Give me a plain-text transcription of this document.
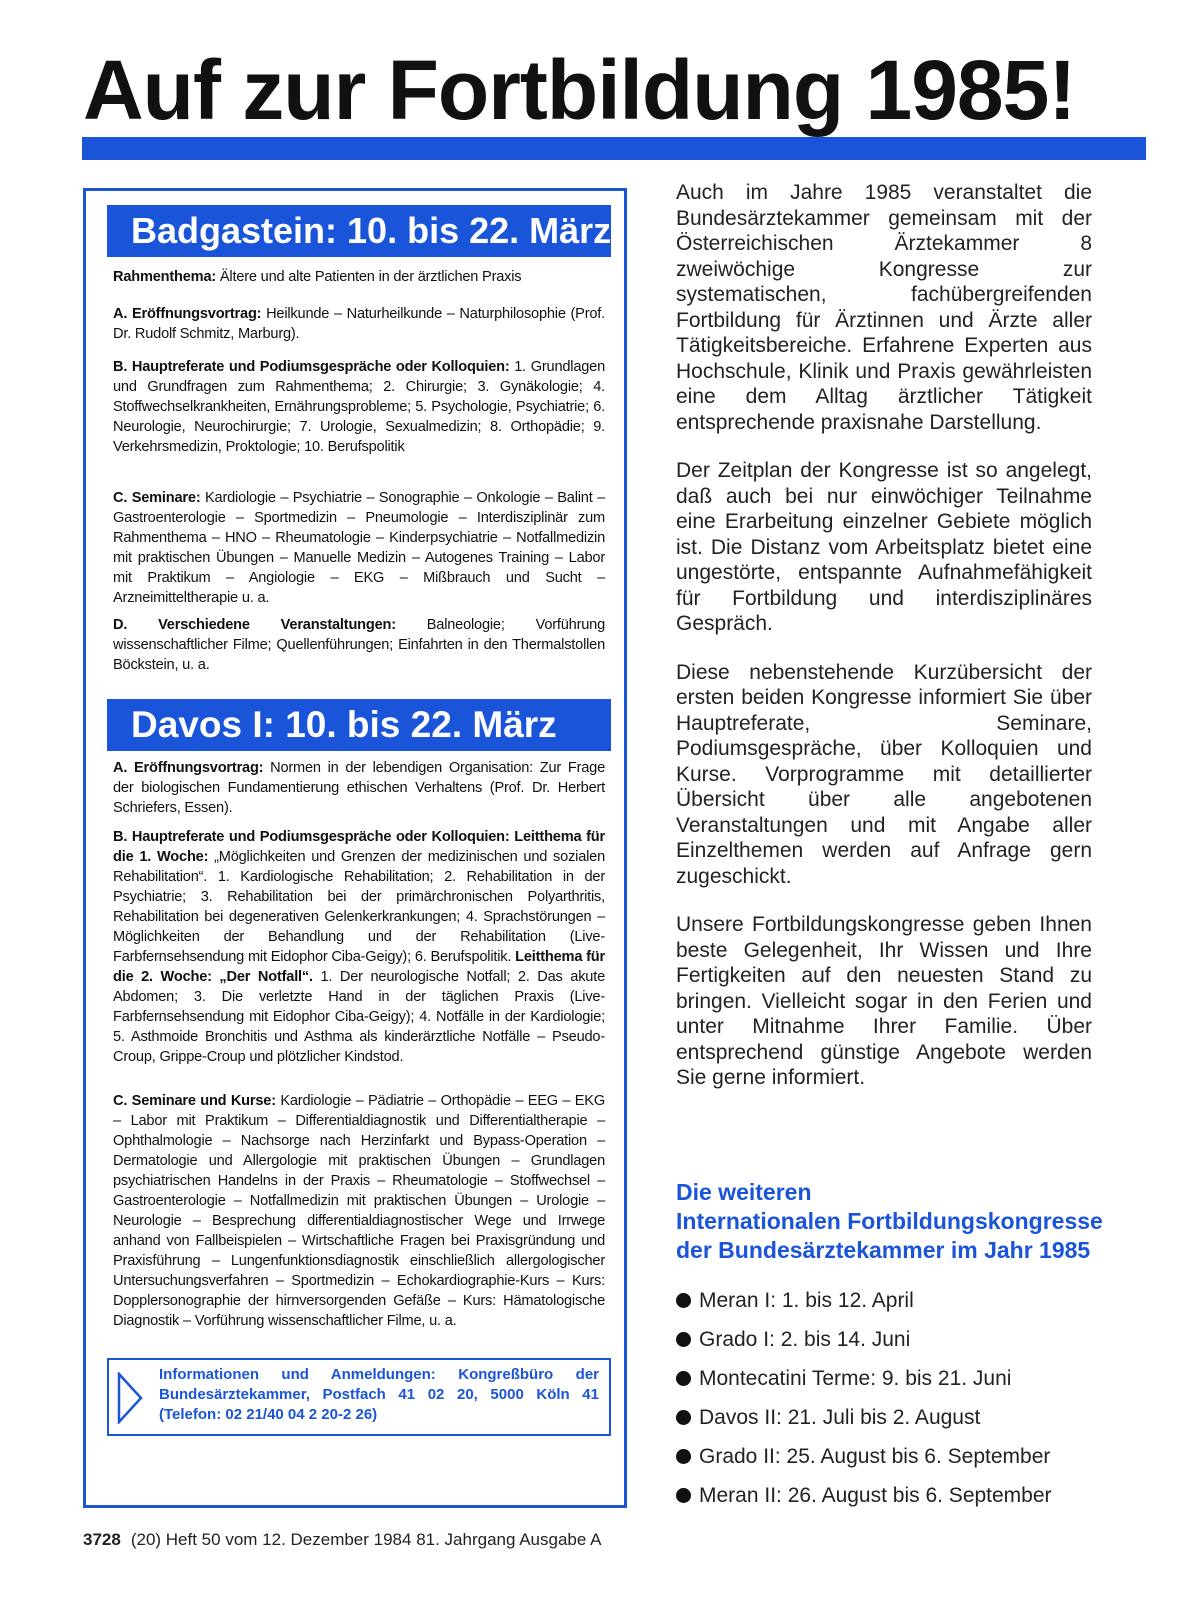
Auf zur Fortbildung 1985!
Badgastein: 10. bis 22. März
Rahmenthema: Ältere und alte Patienten in der ärztlichen Praxis
A. Eröffnungsvortrag: Heilkunde – Naturheilkunde – Naturphilosophie (Prof. Dr. Rudolf Schmitz, Marburg).
B. Hauptreferate und Podiumsgespräche oder Kolloquien: 1. Grundlagen und Grundfragen zum Rahmenthema; 2. Chirurgie; 3. Gynäkologie; 4. Stoffwechselkrankheiten, Ernährungsprobleme; 5. Psychologie, Psychiatrie; 6. Neurologie, Neurochirurgie; 7. Urologie, Sexualmedizin; 8. Orthopädie; 9. Verkehrsmedizin, Proktologie; 10. Berufspolitik
C. Seminare: Kardiologie – Psychiatrie – Sonographie – Onkologie – Balint – Gastroenterologie – Sportmedizin – Pneumologie – Interdisziplinär zum Rahmenthema – HNO – Rheumatologie – Kinderpsychiatrie – Notfallmedizin mit praktischen Übungen – Manuelle Medizin – Autogenes Training – Labor mit Praktikum – Angiologie – EKG – Mißbrauch und Sucht – Arzneimitteltherapie u. a.
D. Verschiedene Veranstaltungen: Balneologie; Vorführung wissenschaftlicher Filme; Quellenführungen; Einfahrten in den Thermalstollen Böckstein, u. a.
Davos I: 10. bis 22. März
A. Eröffnungsvortrag: Normen in der lebendigen Organisation: Zur Frage der biologischen Fundamentierung ethischen Verhaltens (Prof. Dr. Herbert Schriefers, Essen).
B. Hauptreferate und Podiumsgespräche oder Kolloquien: Leitthema für die 1. Woche: „Möglichkeiten und Grenzen der medizinischen und sozialen Rehabilitation“. 1. Kardiologische Rehabilitation; 2. Rehabilitation in der Psychiatrie; 3. Rehabilitation bei der primärchronischen Polyarthritis, Rehabilitation bei degenerativen Gelenkerkrankungen; 4. Sprachstörungen – Möglichkeiten der Behandlung und der Rehabilitation (Live-Farbfernsehsendung mit Eidophor Ciba-Geigy); 6. Berufspolitik. Leitthema für die 2. Woche: „Der Notfall“. 1. Der neurologische Notfall; 2. Das akute Abdomen; 3. Die verletzte Hand in der täglichen Praxis (Live-Farbfernsehsendung mit Eidophor Ciba-Geigy); 4. Notfälle in der Kardiologie; 5. Asthmoide Bronchitis und Asthma als kinderärztliche Notfälle – Pseudo-Croup, Grippe-Croup und plötzlicher Kindstod.
C. Seminare und Kurse: Kardiologie – Pädiatrie – Orthopädie – EEG – EKG – Labor mit Praktikum – Differentialdiagnostik und Differentialtherapie – Ophthalmologie – Nachsorge nach Herzinfarkt und Bypass-Operation – Dermatologie und Allergologie mit praktischen Übungen – Grundlagen psychiatrischen Handelns in der Praxis – Rheumatologie – Stoffwechsel – Gastroenterologie – Notfallmedizin mit praktischen Übungen – Urologie – Neurologie – Besprechung differentialdiagnostischer Wege und Irrwege anhand von Fallbeispielen – Wirtschaftliche Fragen bei Praxisgründung und Praxisführung – Lungenfunktionsdiagnostik einschließlich allergologischer Untersuchungsverfahren – Sportmedizin – Echokardiographie-Kurs – Kurs: Dopplersonographie der hirnversorgenden Gefäße – Kurs: Hämatologische Diagnostik – Vorführung wissenschaftlicher Filme, u. a.
Informationen und Anmeldungen: Kongreßbüro der Bundesärztekammer, Postfach 41 02 20, 5000 Köln 41 (Telefon: 02 21/40 04 2 20-2 26)

Auch im Jahre 1985 veranstaltet die Bundesärztekammer gemeinsam mit der Österreichischen Ärztekammer 8 zweiwöchige Kongresse zur systematischen, fachübergreifenden Fortbildung für Ärztinnen und Ärzte aller Tätigkeitsbereiche. Erfahrene Experten aus Hochschule, Klinik und Praxis gewährleisten eine dem Alltag ärztlicher Tätigkeit entsprechende praxisnahe Darstellung.

Der Zeitplan der Kongresse ist so angelegt, daß auch bei nur einwöchiger Teilnahme eine Erarbeitung einzelner Gebiete möglich ist. Die Distanz vom Arbeitsplatz bietet eine ungestörte, entspannte Aufnahmefähigkeit für Fortbildung und interdisziplinäres Gespräch.

Diese nebenstehende Kurzübersicht der ersten beiden Kongresse informiert Sie über Hauptreferate, Seminare, Podiumsgespräche, über Kolloquien und Kurse. Vorprogramme mit detaillierter Übersicht über alle angebotenen Veranstaltungen und mit Angabe aller Einzelthemen werden auf Anfrage gern zugeschickt.

Unsere Fortbildungskongresse geben Ihnen beste Gelegenheit, Ihr Wissen und Ihre Fertigkeiten auf den neuesten Stand zu bringen. Vielleicht sogar in den Ferien und unter Mitnahme Ihrer Familie. Über entsprechend günstige Angebote werden Sie gerne informiert.

Die weiteren
Internationalen Fortbildungskongresse
der Bundesärztekammer im Jahr 1985
Meran I: 1. bis 12. April
Grado I: 2. bis 14. Juni
Montecatini Terme: 9. bis 21. Juni
Davos II: 21. Juli bis 2. August
Grado II: 25. August bis 6. September
Meran II: 26. August bis 6. September
3728 (20) Heft 50 vom 12. Dezember 1984 81. Jahrgang Ausgabe A
